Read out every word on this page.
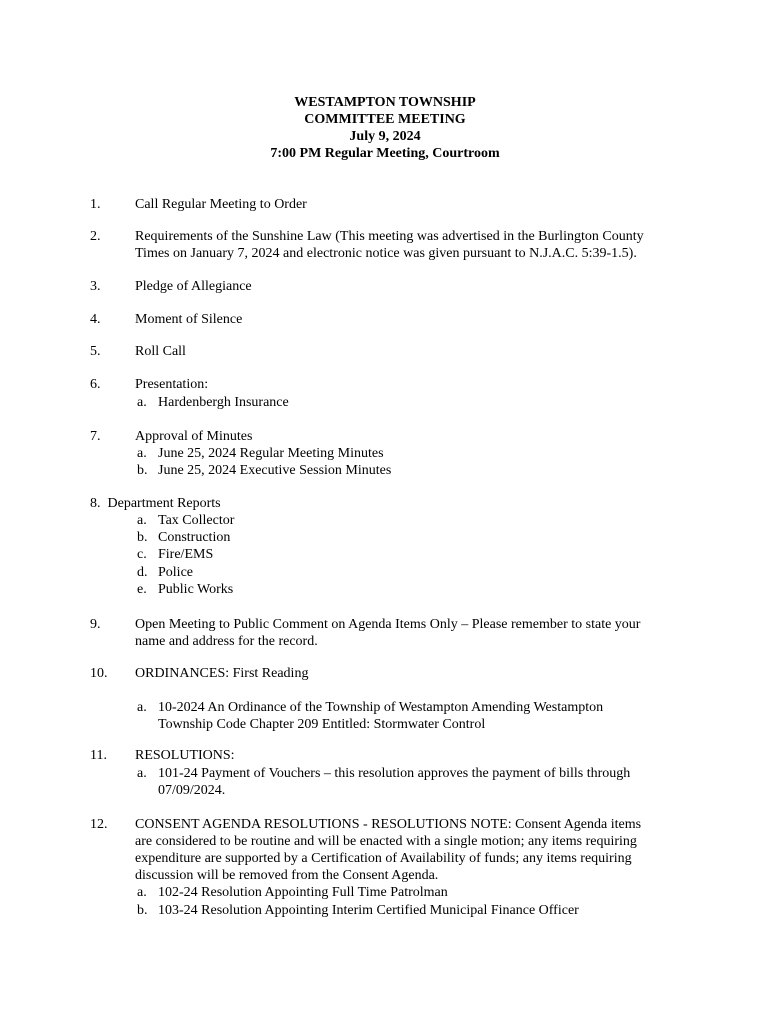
WESTAMPTON TOWNSHIP
COMMITTEE MEETING
July 9, 2024
7:00 PM Regular Meeting, Courtroom
1. Call Regular Meeting to Order
2. Requirements of the Sunshine Law (This meeting was advertised in the Burlington County
Times on January 7, 2024 and electronic notice was given pursuant to N.J.A.C. 5:39-1.5).
3. Pledge of Allegiance
4. Moment of Silence
5. Roll Call
6. Presentation:
a. Hardenbergh Insurance
7. Approval of Minutes
a. June 25, 2024 Regular Meeting Minutes
b. June 25, 2024 Executive Session Minutes
8.  Department Reports
a. Tax Collector
b. Construction
c. Fire/EMS
d. Police
e. Public Works
9. Open Meeting to Public Comment on Agenda Items Only – Please remember to state your
name and address for the record.
10. ORDINANCES: First Reading
a. 10-2024 An Ordinance of the Township of Westampton Amending Westampton
Township Code Chapter 209 Entitled: Stormwater Control
11. RESOLUTIONS:
a. 101-24 Payment of Vouchers – this resolution approves the payment of bills through
07/09/2024.
12. CONSENT AGENDA RESOLUTIONS - RESOLUTIONS NOTE: Consent Agenda items
are considered to be routine and will be enacted with a single motion; any items requiring
expenditure are supported by a Certification of Availability of funds; any items requiring
discussion will be removed from the Consent Agenda.
a. 102-24 Resolution Appointing Full Time Patrolman
b. 103-24 Resolution Appointing Interim Certified Municipal Finance Officer
